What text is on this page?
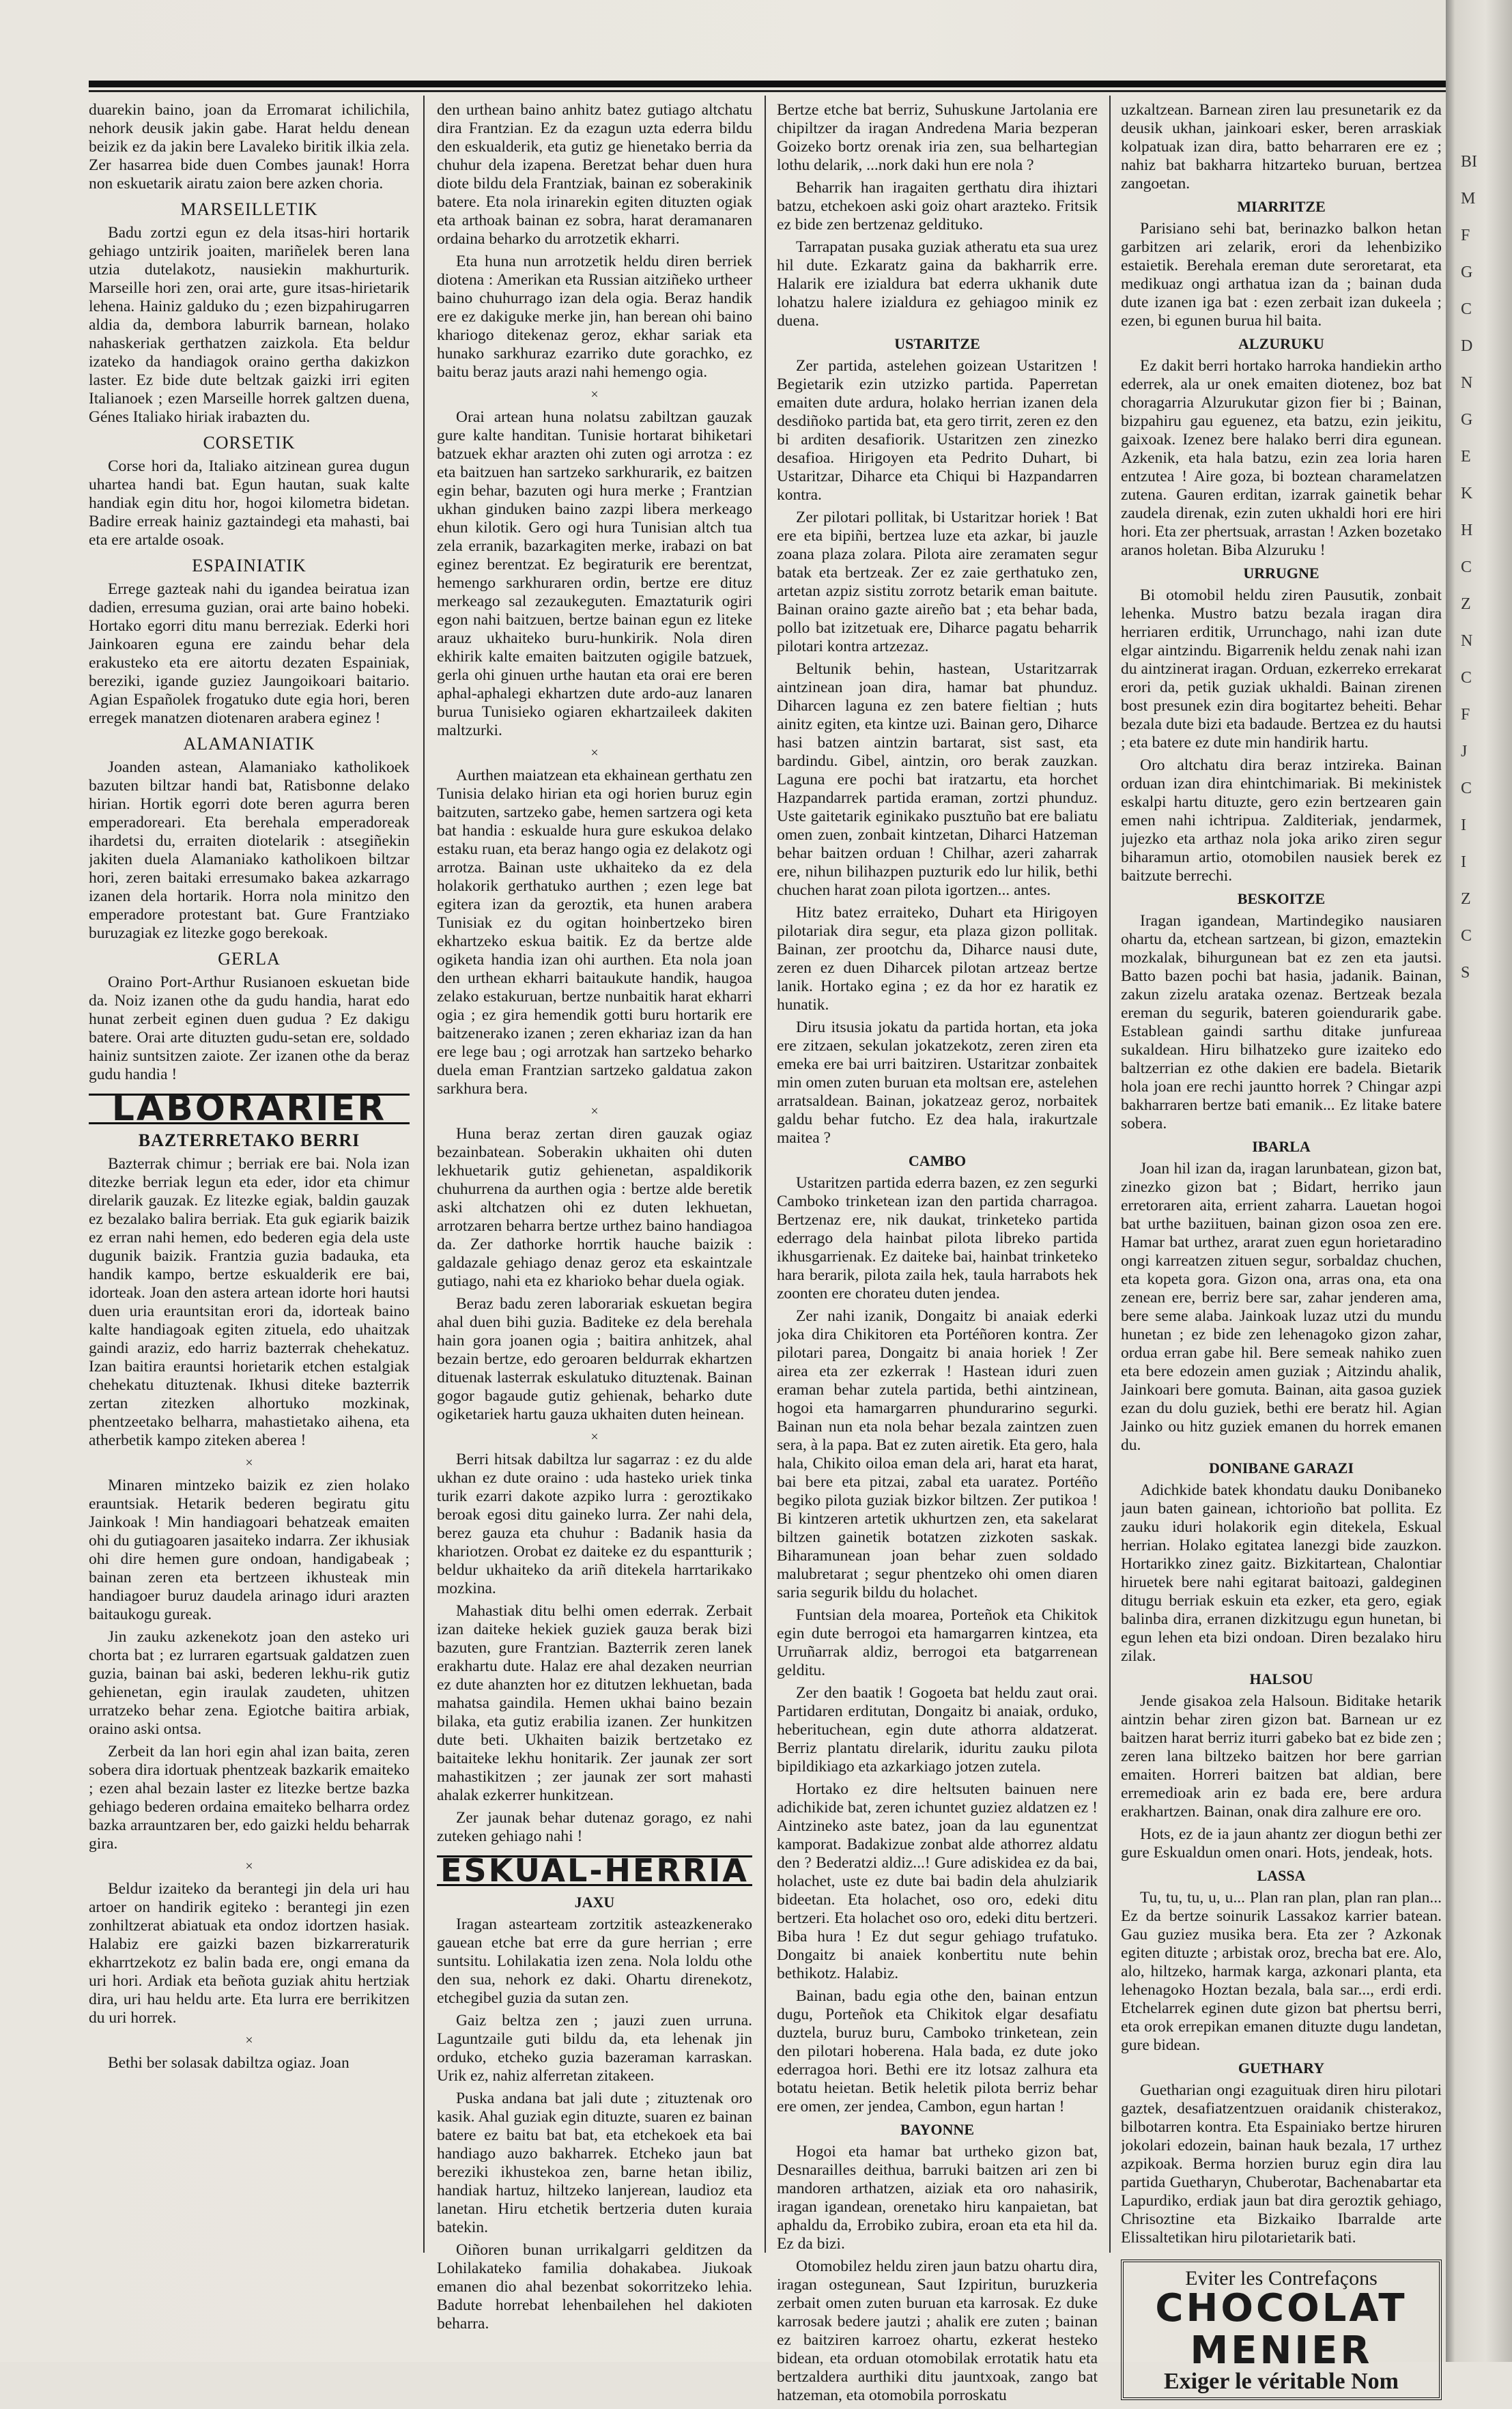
duarekin baino, joan da Erromarat ichilichila, nehork deusik jakin gabe. Harat heldu denean beizik ez da jakin bere Lavaleko biritik ilkia zela. Zer hasarrea bide duen Combes jaunak! Horra non eskuetarik airatu zaion bere azken choria.

MARSEILLETIK

Badu zortzi egun ez dela itsas-hiri hortarik gehiago untzirik joaiten, mariñelek beren lana utzia dutelakotz, nausiekin makhurturik. Marseille hori zen, orai arte, gure itsas-hirietarik lehena. Hainiz galduko du ; ezen bizpahirugarren aldia da, dembora laburrik barnean, holako nahaskeriak gerthatzen zaizkola. Eta beldur izateko da handiagok oraino gertha dakizkon laster. Ez bide dute beltzak gaizki irri egiten Italianoek ; ezen Marseille horrek galtzen duena, Génes Italiako hiriak irabazten du.

CORSETIK

Corse hori da, Italiako aitzinean gurea dugun uhartea handi bat. Egun hautan, suak kalte handiak egin ditu hor, hogoi kilometra bidetan. Badire erreak hainiz gaztaindegi eta mahasti, bai eta ere artalde osoak.

ESPAINIATIK

Errege gazteak nahi du igandea beiratua izan dadien, erresuma guzian, orai arte baino hobeki. Hortako egorri ditu manu berreziak. Ederki hori Jainkoaren eguna ere zaindu behar dela erakusteko eta ere aitortu dezaten Espainiak, bereziki, igande guziez Jaungoikoari baitario. Agian Españolek frogatuko dute egia hori, beren erregek manatzen diotenaren arabera eginez !

ALAMANIATIK

Joanden astean, Alamaniako katholikoek bazuten biltzar handi bat, Ratisbonne delako hirian. Hortik egorri dote beren agurra beren emperadoreari. Eta berehala emperadoreak ihardetsi du, erraiten diotelarik : atsegiñekin jakiten duela Alamaniako katholikoen biltzar hori, zeren baitaki erresumako bakea azkarrago izanen dela hortarik. Horra nola minitzo den emperadore protestant bat. Gure Frantziako buruzagiak ez litezke gogo berekoak.

GERLA

Oraino Port-Arthur Rusianoen eskuetan bide da. Noiz izanen othe da gudu handia, harat edo hunat zerbeit eginen duen gudua ? Ez dakigu batere. Orai arte dituzten gudu-setan ere, soldado hainiz suntsitzen zaiote. Zer izanen othe da beraz gudu handia !

LABORARIER
BAZTERRETAKO BERRI

Bazterrak chimur ; berriak ere bai. Nola izan ditezke berriak legun eta eder, idor eta chimur direlarik gauzak. Ez litezke egiak, baldin gauzak ez bezalako balira berriak. Eta guk egiarik baizik ez erran nahi hemen, edo bederen egia dela uste dugunik baizik. Frantzia guzia badauka, eta handik kampo, bertze eskualderik ere bai, idorteak. Joan den astera artean idorte hori hautsi duen uria erauntsitan erori da, idorteak baino kalte handiagoak egiten zituela, edo uhaitzak gaindi araziz, edo harriz bazterrak chehekatuz. Izan baitira erauntsi horietarik etchen estalgiak chehekatu dituztenak. Ikhusi diteke bazterrik zertan zitezken alhortuko mozkinak, phentzeetako belharra, mahastietako aihena, eta atherbetik kampo ziteken aberea !

×

Minaren mintzeko baizik ez zien holako erauntsiak. Hetarik bederen begiratu gitu Jainkoak ! Min handiagoari behatzeak emaiten ohi du gutiagoaren jasaiteko indarra. Zer ikhusiak ohi dire hemen gure ondoan, handigabeak ; bainan zeren eta bertzeen ikhusteak min handiagoer buruz daudela arinago iduri arazten baitaukogu gureak.

Jin zauku azkenekotz joan den asteko uri chorta bat ; ez lurraren egartsuak galdatzen zuen guzia, bainan bai aski, bederen lekhu-rik gutiz gehienetan, egin iraulak zaudeten, uhitzen urratzeko behar zena. Egiotche baitira arbiak, oraino aski ontsa.

Zerbeit da lan hori egin ahal izan baita, zeren sobera dira idortuak phentzeak bazkarik emaiteko ; ezen ahal bezain laster ez litezke bertze bazka gehiago bederen ordaina emaiteko belharra ordez bazka arrauntzaren ber, edo gaizki heldu beharrak gira.

×

Beldur izaiteko da berantegi jin dela uri hau artoer on handirik egiteko : berantegi jin ezen zonhiltzerat abiatuak eta ondoz idortzen hasiak. Halabiz ere gaizki bazen bizkarreraturik ekharrtzekotz ez balin bada ere, ongi emana da uri hori. Ardiak eta beñota guziak ahitu hertziak dira, uri hau heldu arte. Eta lurra ere berrikitzen du uri horrek.

×

Bethi ber solasak dabiltza ogiaz. Joan

den urthean baino anhitz batez gutiago altchatu dira Frantzian. Ez da ezagun uzta ederra bildu den eskualderik, eta gutiz ge hienetako berria da chuhur dela izapena. Beretzat behar duen hura diote bildu dela Frantziak, bainan ez soberakinik batere. Eta nola irinarekin egiten dituzten ogiak eta arthoak bainan ez sobra, harat deramanaren ordaina beharko du arrotzetik ekharri.

Eta huna nun arrotzetik heldu diren berriek diotena : Amerikan eta Russian aitziñeko urtheer baino chuhurrago izan dela ogia. Beraz handik ere ez dakiguke merke jin, han berean ohi baino khariogo ditekenaz geroz, ekhar sariak eta hunako sarkhuraz ezarriko dute gorachko, ez baitu beraz jauts arazi nahi hemengo ogia.

×

Orai artean huna nolatsu zabiltzan gauzak gure kalte handitan. Tunisie hortarat bihiketari batzuek ekhar arazten ohi zuten ogi arrotza : ez eta baitzuen han sartzeko sarkhurarik, ez baitzen egin behar, bazuten ogi hura merke ; Frantzian ukhan ginduken baino zazpi libera merkeago ehun kilotik. Gero ogi hura Tunisian altch tua zela erranik, bazarkagiten merke, irabazi on bat eginez berentzat. Ez begiraturik ere berentzat, hemengo sarkhuraren ordin, bertze ere dituz merkeago sal zezaukeguten. Emaztaturik ogiri egon nahi baitzuen, bertze bainan egun ez liteke arauz ukhaiteko buru-hunkirik. Nola diren ekhirik kalte emaiten baitzuten ogigile batzuek, gerla ohi ginuen urthe hautan eta orai ere beren aphal-aphalegi ekhartzen dute ardo-auz lanaren burua Tunisieko ogiaren ekhartzaileek dakiten maltzurki.

×

Aurthen maiatzean eta ekhainean gerthatu zen Tunisia delako hirian eta ogi horien buruz egin baitzuten, sartzeko gabe, hemen sartzera ogi keta bat handia : eskualde hura gure eskukoa delako estaku ruan, eta beraz hango ogia ez delakotz ogi arrotza. Bainan uste ukhaiteko da ez dela holakorik gerthatuko aurthen ; ezen lege bat egitera izan da geroztik, eta hunen arabera Tunisiak ez du ogitan hoinbertzeko biren ekhartzeko eskua baitik. Ez da bertze alde ogiketa handia izan ohi aurthen. Eta nola joan den urthean ekharri baitaukute handik, haugoa zelako estakuruan, bertze nunbaitik harat ekharri ogia ; ez gira hemendik gotti buru hortarik ere baitzenerako izanen ; zeren ekhariaz izan da han ere lege bau ; ogi arrotzak han sartzeko beharko duela eman Frantzian sartzeko galdatua zakon sarkhura bera.

×

Huna beraz zertan diren gauzak ogiaz bezainbatean. Soberakin ukhaiten ohi duten lekhuetarik gutiz gehienetan, aspaldikorik chuhurrena da aurthen ogia : bertze alde beretik aski altchatzen ohi ez duten lekhuetan, arrotzaren beharra bertze urthez baino handiagoa da. Zer dathorke horrtik hauche baizik : galdazale gehiago denaz geroz eta eskaintzale gutiago, nahi eta ez kharioko behar duela ogiak.

Beraz badu zeren laborariak eskuetan begira ahal duen bihi guzia. Baditeke ez dela berehala hain gora joanen ogia ; baitira anhitzek, ahal bezain bertze, edo geroaren beldurrak ekhartzen dituenak lasterrak eskulatuko dituztenak. Bainan gogor bagaude gutiz gehienak, beharko dute ogiketariek hartu gauza ukhaiten duten heinean.

×

Berri hitsak dabiltza lur sagarraz : ez du alde ukhan ez dute oraino : uda hasteko uriek tinka turik ezarri dakote azpiko lurra : geroztikako beroak egosi ditu gaineko lurra. Zer nahi dela, berez gauza eta chuhur : Badanik hasia da khariotzen. Orobat ez daiteke ez du espantturik ; beldur ukhaiteko da ariñ ditekela harrtarikako mozkina.

Mahastiak ditu belhi omen ederrak. Zerbait izan daiteke hekiek guziek gauza berak bizi bazuten, gure Frantzian. Bazterrik zeren lanek erakhartu dute. Halaz ere ahal dezaken neurrian ez dute ahanzten hor ez ditutzen lekhuetan, bada mahatsa gaindila. Hemen ukhai baino bezain bilaka, eta gutiz erabilia izanen. Zer hunkitzen dute beti. Ukhaiten baizik bertzetako ez baitaiteke lekhu honitarik. Zer jaunak zer sort mahastikitzen ; zer jaunak zer sort mahasti ahalak ezkerrer hunkitzean.

Zer jaunak behar dutenaz gorago, ez nahi zuteken gehiago nahi !

ESKUAL-HERRIA
JAXU

Iragan astearteam zortzitik asteazkenerako gauean etche bat erre da gure herrian ; erre suntsitu. Lohilakatia izen zena. Nola loldu othe den sua, nehork ez daki. Ohartu direnekotz, etchegibel guzia da sutan zen.

Gaiz beltza zen ; jauzi zuen urruna. Laguntzaile guti bildu da, eta lehenak jin orduko, etcheko guzia bazeraman karraskan. Urik ez, nahiz alferretan zitakeen.

Puska andana bat jali dute ; zituztenak oro kasik. Ahal guziak egin dituzte, suaren ez bainan batere ez baitu bat bat, eta etchekoek eta bai handiago auzo bakharrek. Etcheko jaun bat bereziki ikhustekoa zen, barne hetan ibiliz, handiak hartuz, hiltzeko lanjerean, laudioz eta lanetan. Hiru etchetik bertzeria duten kuraia batekin.

Oiñoren bunan urrikalgarri gelditzen da Lohilakateko familia dohakabea. Jiukoak emanen dio ahal bezenbat sokorritzeko lehia. Badute horrebat lehenbailehen hel dakioten beharra.

Bertze etche bat berriz, Suhuskune Jartolania ere chipiltzer da iragan Andredena Maria bezperan Goizeko bortz orenak iria zen, sua belhartegian lothu delarik, ...nork daki hun ere nola ?

Beharrik han iragaiten gerthatu dira ihiztari batzu, etchekoen aski goiz ohart arazteko. Fritsik ez bide zen bertzenaz geldituko.

Tarrapatan pusaka guziak atheratu eta sua urez hil dute. Ezkaratz gaina da bakharrik erre. Halarik ere izialdura bat ederra ukhanik dute lohatzu halere izialdura ez gehiagoo minik ez duena.

USTARITZE

Zer partida, astelehen goizean Ustaritzen ! Begietarik ezin utzizko partida. Paperretan emaiten dute ardura, holako herrian izanen dela desdiñoko partida bat, eta gero tirrit, zeren ez den bi arditen desafiorik. Ustaritzen zen zinezko desafioa. Hirigoyen eta Pedrito Duhart, bi Ustaritzar, Diharce eta Chiqui bi Hazpandarren kontra.

Zer pilotari pollitak, bi Ustaritzar horiek ! Bat ere eta bipiñi, bertzea luze eta azkar, bi jauzle zoana plaza zolara. Pilota aire zeramaten segur batak eta bertzeak. Zer ez zaie gerthatuko zen, artetan azpiz sistitu zorrotz betarik eman baitute. Bainan oraino gazte aireño bat ; eta behar bada, pollo bat izitzetuak ere, Diharce pagatu beharrik pilotari kontra artzezaz.

Beltunik behin, hastean, Ustaritzarrak aintzinean joan dira, hamar bat phunduz. Diharcen laguna ez zen batere fieltian ; huts ainitz egiten, eta kintze uzi. Bainan gero, Diharce hasi batzen aintzin bartarat, sist sast, eta bardindu. Gibel, aintzin, oro berak zauzkan. Laguna ere pochi bat iratzartu, eta horchet Hazpandarrek partida eraman, zortzi phunduz. Uste gaitetarik eginikako pusztuño bat ere baliatu omen zuen, zonbait kintzetan, Diharci Hatzeman behar baitzen orduan ! Chilhar, azeri zaharrak ere, nihun bilihazpen puzturik edo lur hilik, bethi chuchen harat zoan pilota igortzen... antes.

Hitz batez erraiteko, Duhart eta Hirigoyen pilotariak dira segur, eta plaza gizon pollitak. Bainan, zer prootchu da, Diharce nausi dute, zeren ez duen Diharcek pilotan artzeaz bertze lanik. Hortako egina ; ez da hor ez haratik ez hunatik.

Diru itsusia jokatu da partida hortan, eta joka ere zitzaen, sekulan jokatzekotz, zeren ziren eta emeka ere bai urri baitziren. Ustaritzar zonbaitek min omen zuten buruan eta moltsan ere, astelehen arratsaldean. Bainan, jokatzeaz geroz, norbaitek galdu behar futcho. Ez dea hala, irakurtzale maitea ?

CAMBO

Ustaritzen partida ederra bazen, ez zen segurki Camboko trinketean izan den partida charragoa. Bertzenaz ere, nik daukat, trinketeko partida ederrago dela hainbat pilota libreko partida ikhusgarrienak. Ez daiteke bai, hainbat trinketeko hara berarik, pilota zaila hek, taula harrabots hek zoonten ere chorateu duten jendea.

Zer nahi izanik, Dongaitz bi anaiak ederki joka dira Chikitoren eta Portéñoren kontra. Zer pilotari parea, Dongaitz bi anaia horiek ! Zer airea eta zer ezkerrak ! Hastean iduri zuen eraman behar zutela partida, bethi aintzinean, hogoi eta hamargarren phundurarino segurki. Bainan nun eta nola behar bezala zaintzen zuen sera, à la papa. Bat ez zuten airetik. Eta gero, hala hala, Chikito oiloa eman dela ari, harat eta harat, bai bere eta pitzai, zabal eta uaratez. Portéño begiko pilota guziak bizkor biltzen. Zer putikoa ! Bi kintzeren artetik ukhurtzen zen, eta sakelarat biltzen gainetik botatzen zizkoten saskak. Biharamunean joan behar zuen soldado malubretarat ; segur phentzeko ohi omen diaren saria segurik bildu du holachet.

Funtsian dela moarea, Porteñok eta Chikitok egin dute berrogoi eta hamargarren kintzea, eta Urruñarrak aldiz, berrogoi eta batgarrenean gelditu.

Zer den baatik ! Gogoeta bat heldu zaut orai. Partidaren erditutan, Dongaitz bi anaiak, orduko, heberituchean, egin dute athorra aldatzerat. Berriz plantatu direlarik, iduritu zauku pilota bipildikiago eta azkarkiago jotzen zutela.

Hortako ez dire heltsuten bainuen nere adichikide bat, zeren ichuntet guziez aldatzen ez ! Aintzineko aste batez, joan da lau egunentzat kamporat. Badakizue zonbat alde athorrez aldatu den ? Bederatzi aldiz...! Gure adiskidea ez da bai, holachet, uste ez dute bai badin dela ahulziarik bideetan. Eta holachet, oso oro, edeki ditu bertzeri. Eta holachet oso oro, edeki ditu bertzeri. Biba hura ! Ez dut segur gehiago trufatuko. Dongaitz bi anaiek konbertitu nute behin bethikotz. Halabiz.

Bainan, badu egia othe den, bainan entzun dugu, Porteñok eta Chikitok elgar desafiatu duztela, buruz buru, Camboko trinketean, zein den pilotari hoberena. Hala bada, ez dute joko ederragoa hori. Bethi ere itz lotsaz zalhura eta botatu heietan. Betik heletik pilota berriz behar ere omen, zer jendea, Cambon, egun hartan !

BAYONNE

Hogoi eta hamar bat urtheko gizon bat, Desnarailles deithua, barruki baitzen ari zen bi mandoren arthatzen, aiziak eta oro nahasirik, iragan igandean, orenetako hiru kanpaietan, bat aphaldu da, Errobiko zubira, eroan eta eta hil da. Ez da bizi.

Otomobilez heldu ziren jaun batzu ohartu dira, iragan ostegunean, Saut Izpiritun, buruzkeria zerbait omen zuten buruan eta karrosak. Ez duke karrosak bedere jautzi ; ahalik ere zuten ; bainan ez baitziren karroez ohartu, ezkerat hesteko bidean, eta orduan otomobilak errotatik hatu eta bertzaldera aurthiki ditu jauntxoak, zango bat hatzeman, eta otomobila porroskatu

uzkaltzean. Barnean ziren lau presunetarik ez da deusik ukhan, jainkoari esker, beren arraskiak kolpatuak izan dira, batto beharraren ere ez ; nahiz bat bakharra hitzarteko buruan, bertzea zangoetan.

MIARRITZE

Parisiano sehi bat, berinazko balkon hetan garbitzen ari zelarik, erori da lehenbiziko estaietik. Berehala ereman dute seroretarat, eta medikuaz ongi arthatua izan da ; bainan duda dute izanen iga bat : ezen zerbait izan dukeela ; ezen, bi egunen burua hil baita.

ALZURUKU

Ez dakit berri hortako harroka handiekin artho ederrek, ala ur onek emaiten diotenez, boz bat choragarria Alzurukutar gizon fier bi ; Bainan, bizpahiru gau eguenez, eta batzu, ezin jeikitu, gaixoak. Izenez bere halako berri dira egunean. Azkenik, eta hala batzu, ezin zea loria haren entzutea ! Aire goza, bi boztean charamelatzen zutena. Gauren erditan, izarrak gainetik behar zaudela direnak, ezin zuten ukhaldi hori ere hiri hori. Eta zer phertsuak, arrastan ! Azken bozetako aranos holetan. Biba Alzuruku !

URRUGNE

Bi otomobil heldu ziren Pausutik, zonbait lehenka. Mustro batzu bezala iragan dira herriaren erditik, Urrunchago, nahi izan dute elgar aintzindu. Bigarrenik heldu zenak nahi izan du aintzinerat iragan. Orduan, ezkerreko errekarat erori da, petik guziak ukhaldi. Bainan zirenen bost presunek ezin dira bogitartez beheiti. Behar bezala dute bizi eta badaude. Bertzea ez du hautsi ; eta batere ez dute min handirik hartu.

Oro altchatu dira beraz intzireka. Bainan orduan izan dira ehintchimariak. Bi mekinistek eskalpi hartu dituzte, gero ezin bertzearen gain emen nahi ichtripua. Zalditeriak, jendarmek, jujezko eta arthaz nola joka ariko ziren segur biharamun artio, otomobilen nausiek berek ez baitzute berrechi.

BESKOITZE

Iragan igandean, Martindegiko nausiaren ohartu da, etchean sartzean, bi gizon, emaztekin mozkalak, bihurgunean bat ez zen eta jautsi. Batto bazen pochi bat hasia, jadanik. Bainan, zakun zizelu arataka ozenaz. Bertzeak bezala ereman du segurik, bateren goiendurarik gabe. Establean gaindi sarthu ditake junfureaa sukaldean. Hiru bilhatzeko gure izaiteko edo baltzerrian ez othe dakien ere badela. Bietarik hola joan ere rechi jauntto horrek ? Chingar azpi bakharraren bertze bati emanik... Ez litake batere sobera.

IBARLA

Joan hil izan da, iragan larunbatean, gizon bat, zinezko gizon bat ; Bidart, herriko jaun erretoraren aita, errient zaharra. Lauetan hogoi bat urthe baziituen, bainan gizon osoa zen ere. Hamar bat urthez, ararat zuen egun horietaradino ongi karreatzen zituen segur, sorbaldaz chuchen, eta kopeta gora. Gizon ona, arras ona, eta ona zenean ere, berriz bere sar, zahar jenderen ama, bere seme alaba. Jainkoak luzaz utzi du mundu hunetan ; ez bide zen lehenagoko gizon zahar, ordua erran gabe hil. Bere semeak nahiko zuen eta bere edozein amen guziak ; Aitzindu ahalik, Jainkoari bere gomuta. Bainan, aita gasoa guziek ezan du dolu guziek, bethi ere beratz hil. Agian Jainko ou hitz guziek emanen du horrek emanen du.

DONIBANE GARAZI

Adichkide batek khondatu dauku Donibaneko jaun baten gainean, ichtorioño bat pollita. Ez zauku iduri holakorik egin ditekela, Eskual herrian. Holako egitatea lanezgi bide zauzkon. Hortarikko zinez gaitz. Bizkitartean, Chalontiar hiruetek bere nahi egitarat baitoazi, galdeginen ditugu berriak eskuin eta ezker, eta gero, egiak balinba dira, erranen dizkitzugu egun hunetan, bi egun lehen eta bizi ondoan. Diren bezalako hiru zilak.

HALSOU

Jende gisakoa zela Halsoun. Biditake hetarik aintzin behar ziren gizon bat. Barnean ur ez baitzen harat berriz iturri gabeko bat ez bide zen ; zeren lana biltzeko baitzen hor bere garrian emaiten. Horreri baitzen bat aldian, bere erremedioak arin ez bada ere, bere ardura erakhartzen. Bainan, onak dira zalhure ere oro.

Hots, ez de ia jaun ahantz zer diogun bethi zer gure Eskualdun omen onari. Hots, jendeak, hots.

LASSA

Tu, tu, tu, u, u... Plan ran plan, plan ran plan... Ez da bertze soinurik Lassakoz karrier batean. Gau guziez musika bera. Eta zer ? Azkonak egiten dituzte ; arbistak oroz, brecha bat ere. Alo, alo, hiltzeko, harmak karga, azkonari planta, eta lehenagoko Hoztan bezala, bala sar..., erdi erdi. Etchelarrek eginen dute gizon bat phertsu berri, eta orok errepikan emanen dituzte dugu landetan, gure bidean.

GUETHARY

Guetharian ongi ezaguituak diren hiru pilotari gaztek, desafiatzentzuen oraidanik chisterakoz, bilbotarren kontra. Eta Espainiako bertze hiruren jokolari edozein, bainan hauk bezala, 17 urthez azpikoak. Berma horzien buruz egin dira lau partida Guetharyn, Chuberotar, Bachenabartar eta Lapurdiko, erdiak jaun bat dira geroztik gehiago, Chrisoztine eta Bizkaiko Ibarralde arte Elissaltetikan hiru pilotarietarik bati.

Eviter les Contrefaçons
CHOCOLAT
MENIER
Exiger le véritable Nom
BI
M
F
G
C
D
N
G
E
K
H
C
Z
N
C
F
J
C
I
I
Z
C
S
